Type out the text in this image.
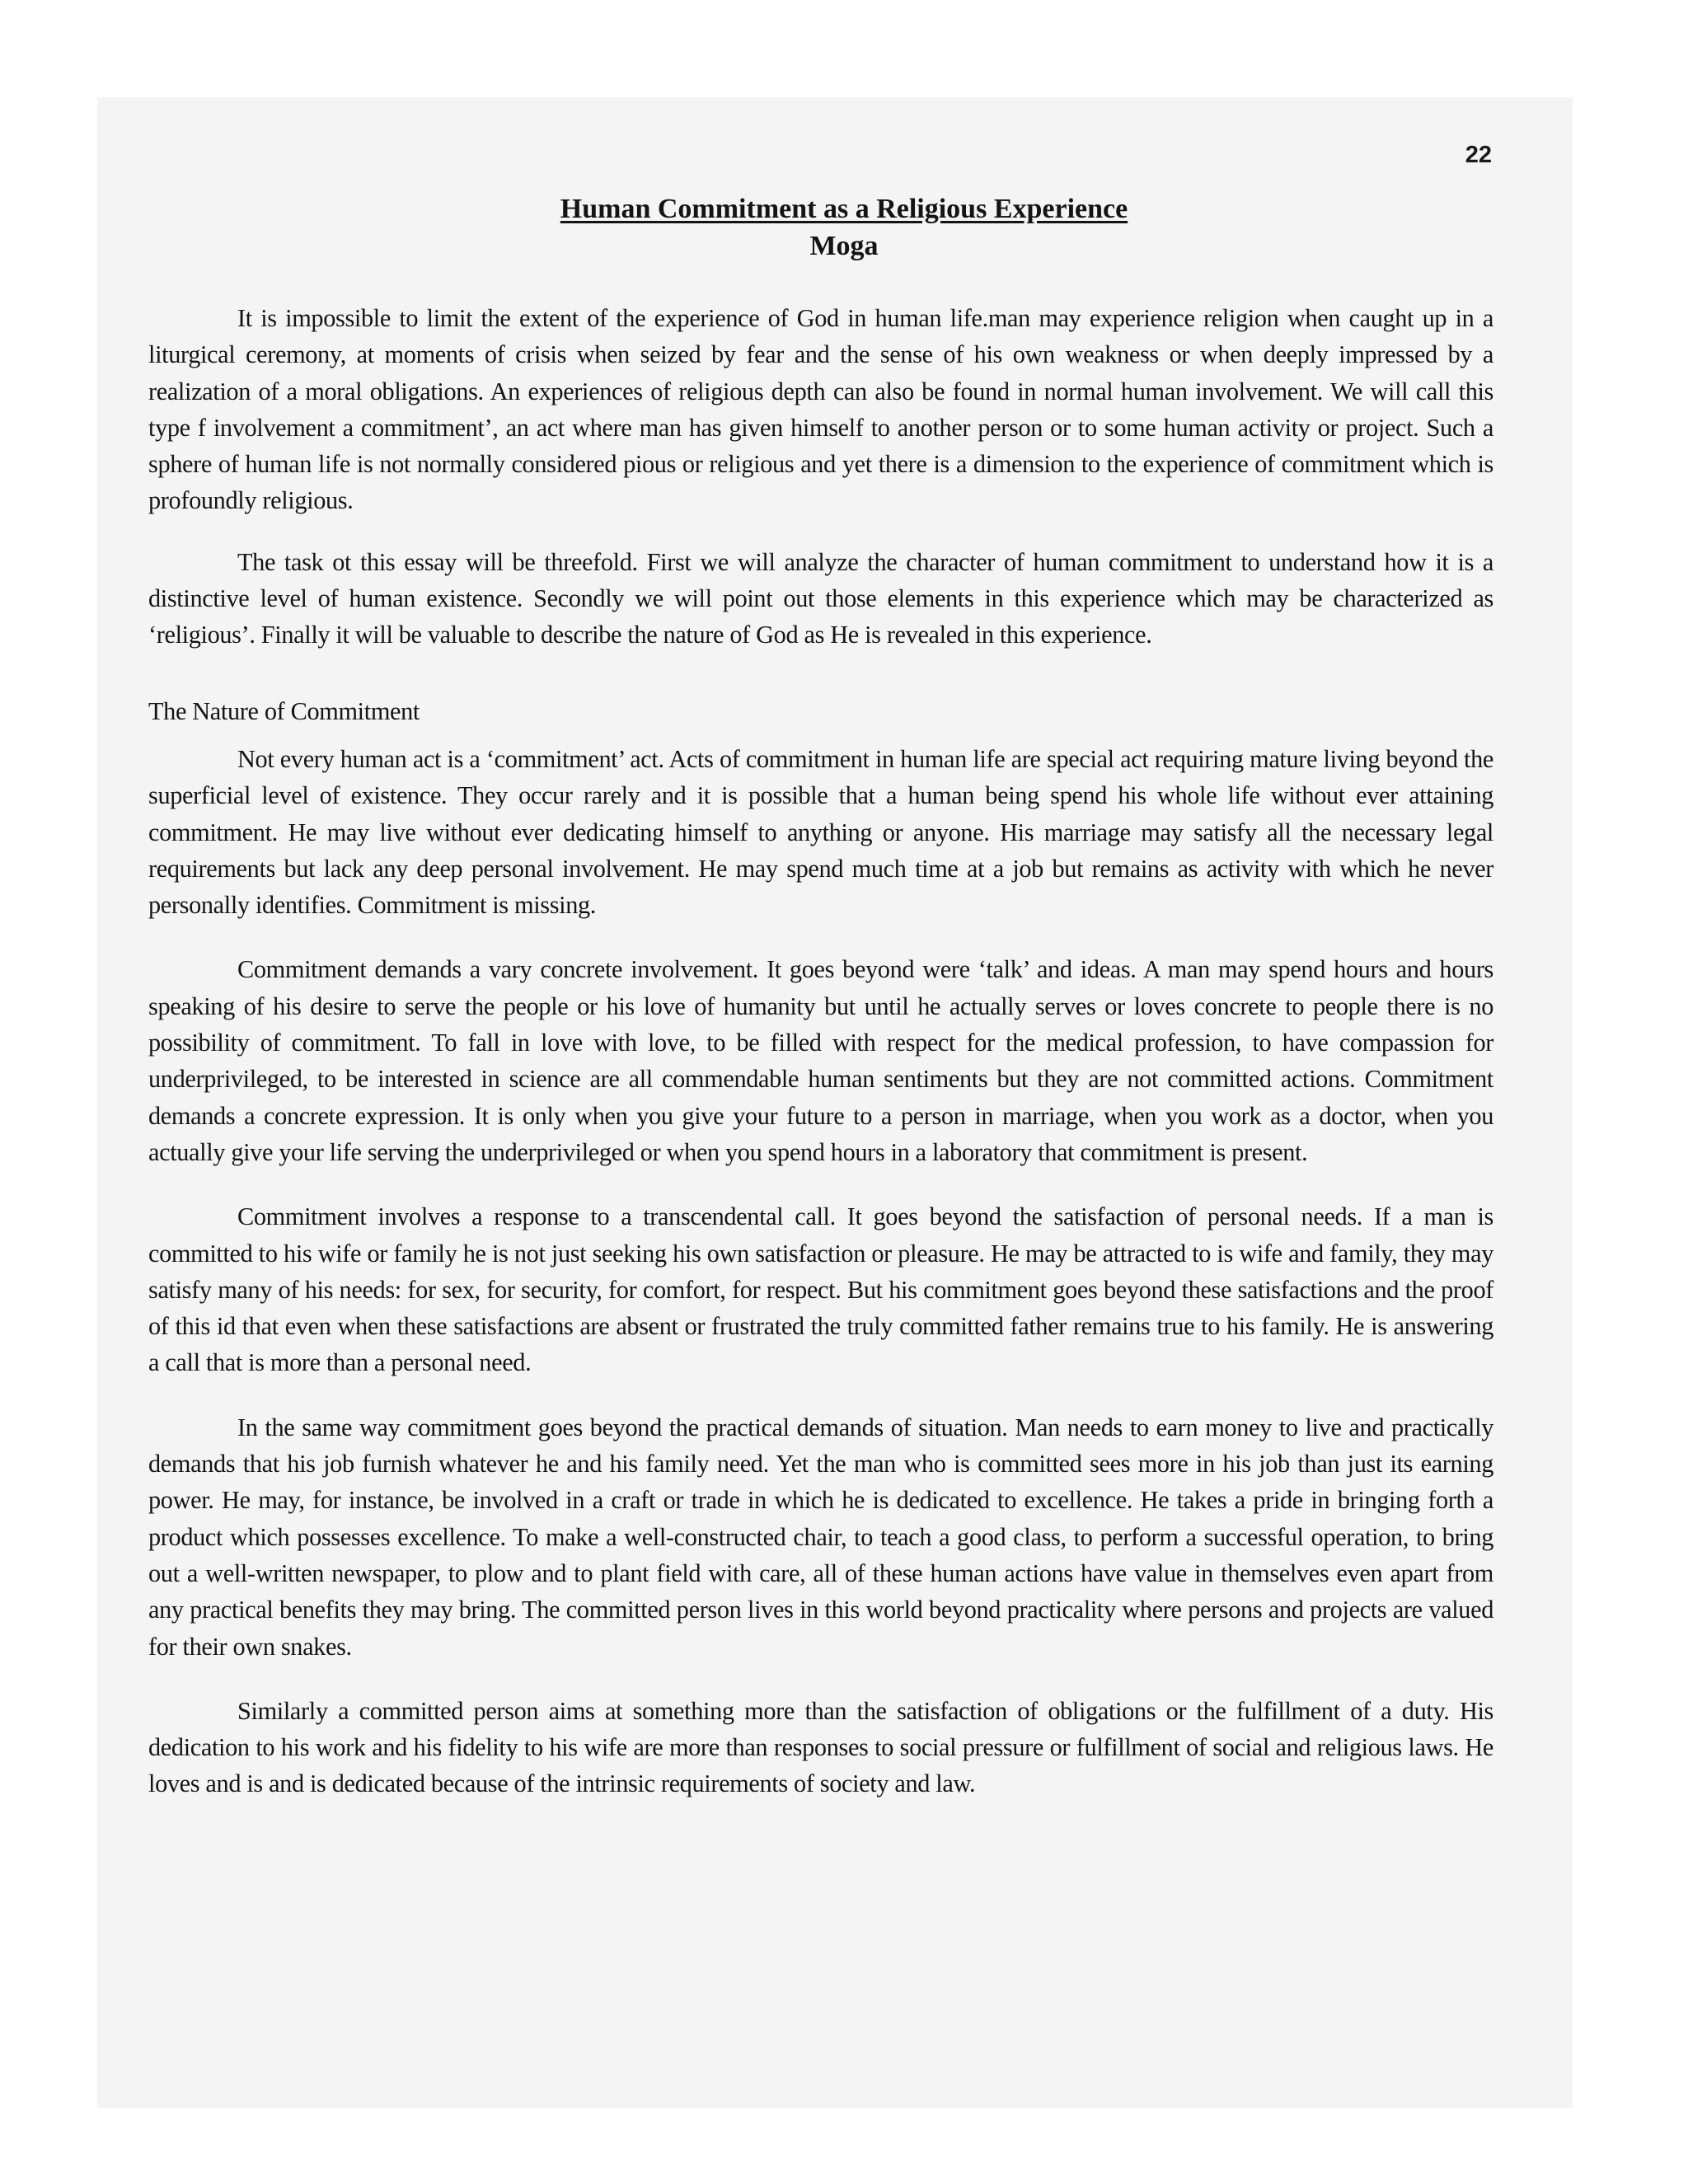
22
Human Commitment as a Religious Experience
Moga

It is impossible to limit the extent of the experience of God in human life.man may experience religion when caught up in a liturgical ceremony, at moments of crisis when seized by fear and the sense of his own weakness or when deeply impressed by a realization of a moral obligations. An experiences of religious depth can also be found in normal human involvement. We will call this type f involvement a commitment’, an act where man has given himself to another person or to some human activity or project. Such a sphere of human life is not normally considered pious or religious and yet there is a dimension to the experience of commitment which is profoundly religious.

The task ot this essay will be threefold. First we will analyze the character of human commitment to understand how it is a distinctive level of human existence. Secondly we will point out those elements in this experience which may be characterized as ‘religious’. Finally it will be valuable to describe the nature of God as He is revealed in this experience.

The Nature of Commitment

Not every human act is a ‘commitment’ act. Acts of commitment in human life are special act requiring mature living beyond the superficial level of existence. They occur rarely and it is possible that a human being spend his whole life without ever attaining commitment. He may live without ever dedicating himself to anything or anyone. His marriage may satisfy all the necessary legal requirements but lack any deep personal involvement. He may spend much time at a job but remains as activity with which he never personally identifies. Commitment is missing.

Commitment demands a vary concrete involvement. It goes beyond were ‘talk’ and ideas. A man may spend hours and hours speaking of his desire to serve the people or his love of humanity but until he actually serves or loves concrete to people there is no possibility of commitment. To fall in love with love, to be filled with respect for the medical profession, to have compassion for underprivileged, to be interested in science are all commendable human sentiments but they are not committed actions. Commitment demands a concrete expression. It is only when you give your future to a person in marriage, when you work as a doctor, when you actually give your life serving the underprivileged or when you spend hours in a laboratory that commitment is present.

Commitment involves a response to a transcendental call. It goes beyond the satisfaction of personal needs. If a man is committed to his wife or family he is not just seeking his own satisfaction or pleasure. He may be attracted to is wife and family, they may satisfy many of his needs: for sex, for security, for comfort, for respect. But his commitment goes beyond these satisfactions and the proof of this id that even when these satisfactions are absent or frustrated the truly committed father remains true to his family. He is answering a call that is more than a personal need.

In the same way commitment goes beyond the practical demands of situation. Man needs to earn money to live and practically demands that his job furnish whatever he and his family need. Yet the man who is committed sees more in his job than just its earning power. He may, for instance, be involved in a craft or trade in which he is dedicated to excellence. He takes a pride in bringing forth a product which possesses excellence. To make a well-constructed chair, to teach a good class, to perform a successful operation, to bring out a well-written newspaper, to plow and to plant field with care, all of these human actions have value in themselves even apart from any practical benefits they may bring. The committed person lives in this world beyond practicality where persons and projects are valued for their own snakes.

Similarly a committed person aims at something more than the satisfaction of obligations or the fulfillment of a duty. His dedication to his work and his fidelity to his wife are more than responses to social pressure or fulfillment of social and religious laws. He loves and is and is dedicated because of the intrinsic requirements of society and law.
